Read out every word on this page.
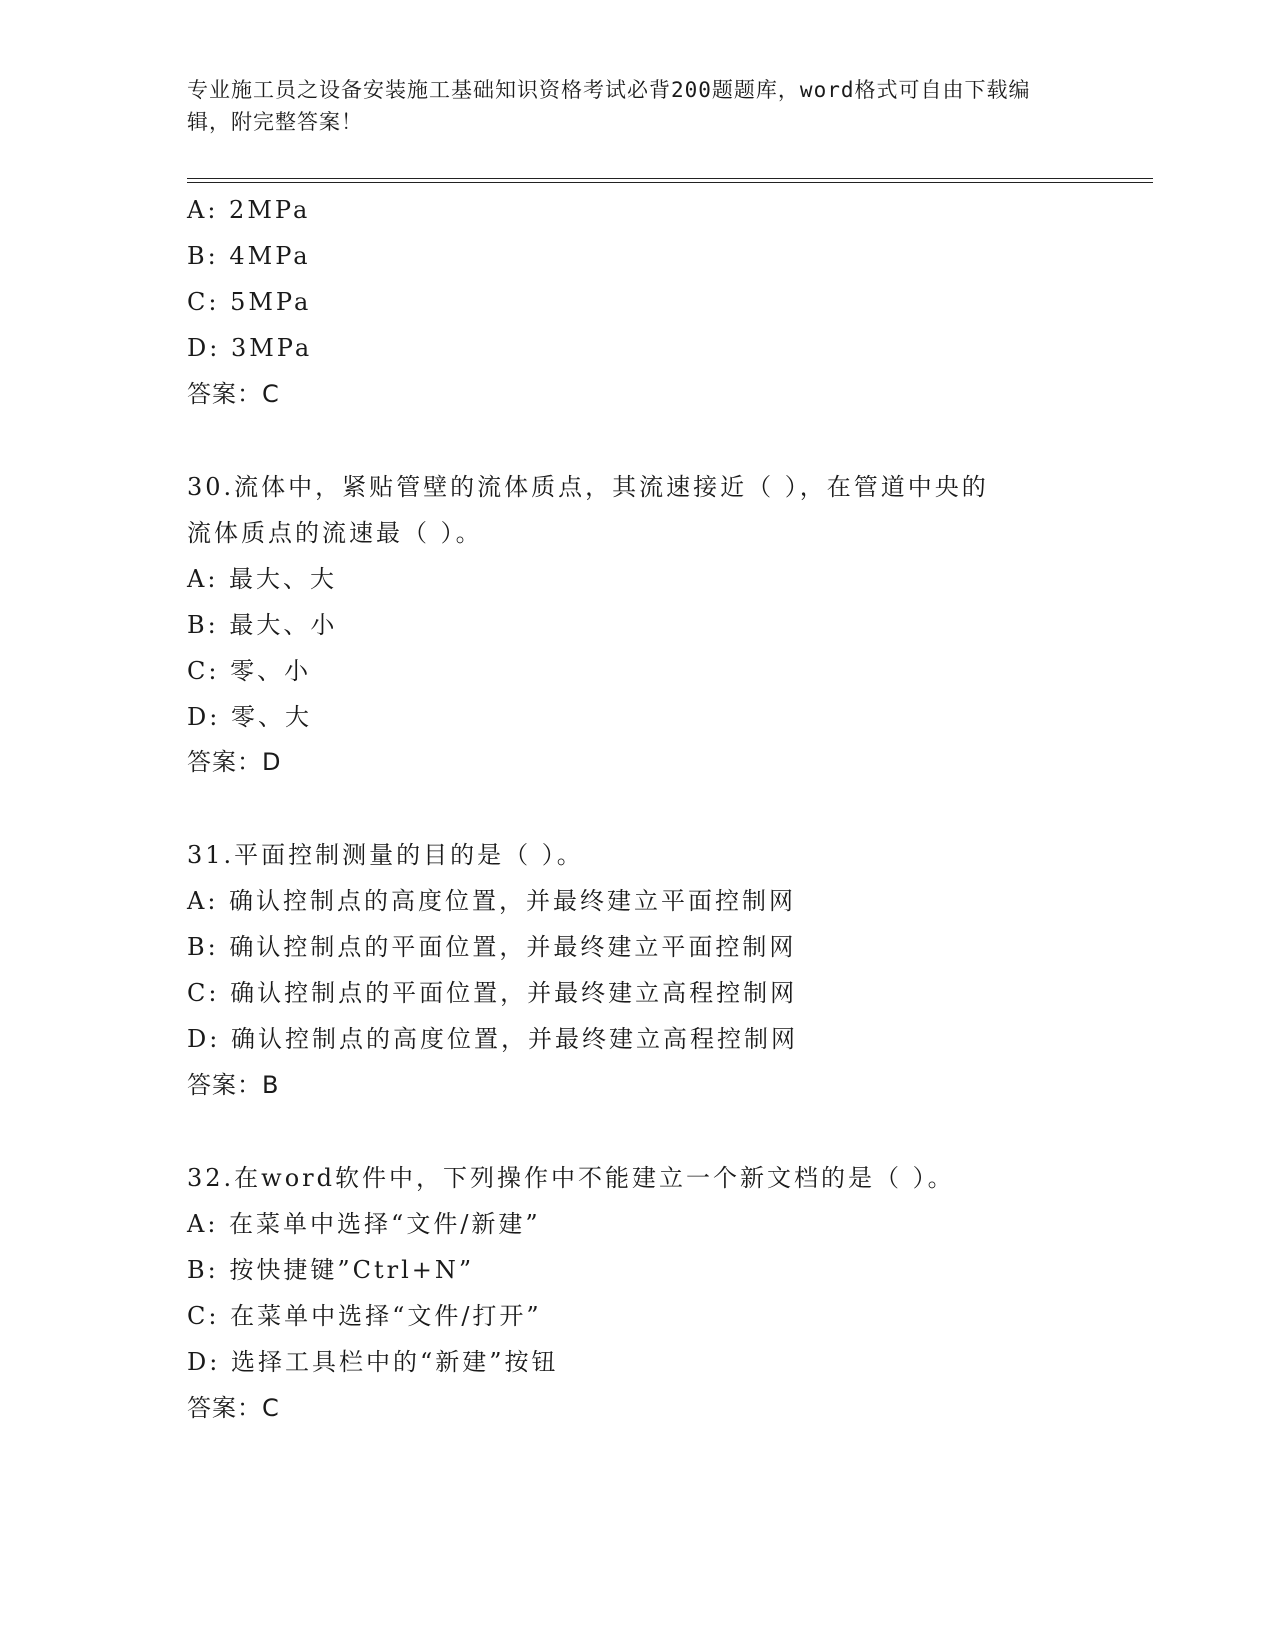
专业施工员之设备安装施工基础知识资格考试必背200题题库，word格式可自由下载编辑，附完整答案！
A: 2MPa
B: 4MPa
C: 5MPa
D: 3MPa
答案：C
30.流体中，紧贴管壁的流体质点，其流速接近（ ），在管道中央的
流体质点的流速最（ ）。
A: 最大、大
B: 最大、小
C: 零、小
D: 零、大
答案：D
31.平面控制测量的目的是（ ）。
A: 确认控制点的高度位置，并最终建立平面控制网
B: 确认控制点的平面位置，并最终建立平面控制网
C: 确认控制点的平面位置，并最终建立高程控制网
D: 确认控制点的高度位置，并最终建立高程控制网
答案：B
32.在word软件中，下列操作中不能建立一个新文档的是（ ）。
A: 在菜单中选择“文件/新建”
B: 按快捷键”Ctrl+N”
C: 在菜单中选择“文件/打开”
D: 选择工具栏中的“新建”按钮
答案：C
